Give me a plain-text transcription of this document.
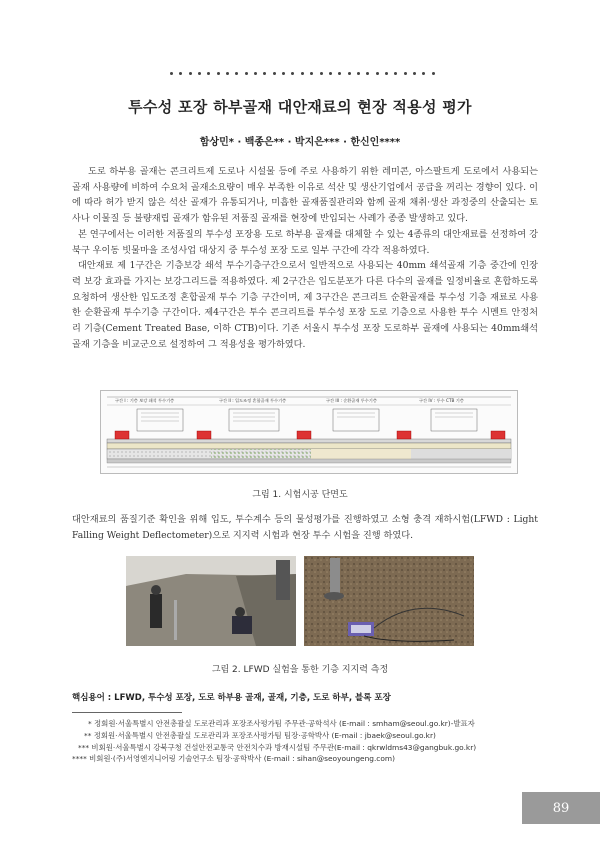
투수성 포장 하부골재 대안재료의 현장 적용성 평가
함상민* · 백종은** · 박지은*** · 한신인****

도로 하부용 골재는 콘크리트제 도로나 시설물 등에 주로 사용하기 위한 레미콘, 아스팔트게 도로에서 사용되는 골재 사용량에 비하여 수요처 골재소요량이 매우 부족한 이유로 석산 및 생산기업에서 공급을 꺼리는 경향이 있다. 이에 따라 허가 받지 않은 석산 골재가 유통되거나, 미흡한 골재품질관리와 함께 골재 채취·생산 과정중의 산출되는 토사나 이물질 등 불량재립 골재가 함유된 저품질 골재를 현장에 반입되는 사례가 종종 발생하고 있다.

본 연구에서는 이러한 저품질의 투수성 포장용 도로 하부용 골재를 대체할 수 있는 4종류의 대안재료를 선정하여 강북구 우이동 빗물마을 조성사업 대상지 중 투수성 포장 도로 일부 구간에 각각 적용하였다.

대안재료 제 1구간은 기층보강 쇄석 투수기층구간으로서 일반적으로 사용되는 40mm 쇄석골재 기층 중간에 인장력 보강 효과를 가지는 보강그리드를 적용하였다. 제 2구간은 입도분포가 다른 다수의 골재를 일정비율로 혼합하도록 요청하여 생산한 입도조정 혼합골재 투수 기층 구간이며, 제 3구간은 콘크리트 순환골재를 투수성 기층 재료로 사용한 순환골재 투수기층 구간이다. 제4구간은 투수 콘크리트를 투수성 포장 도로 기층으로 사용한 투수 시멘트 안정처리 기층(Cement Treated Base, 이하 CTB)이다. 기존 서울시 투수성 포장 도로하부 골재에 사용되는 40mm쇄석 골재 기층을 비교군으로 설정하여 그 적용성을 평가하였다.

구간 I : 기층 보강 쇄석 투수기층	구간 II : 입도조정 혼합골재 투수기층	구간 III : 순환골재 투수기층	구간 IV : 투수 CTB 기층
그림 1. 시험시공 단면도

대안재료의 품질기준 확인을 위해 입도, 투수계수 등의 물성평가를 진행하였고 소형 충격 재하시험(LFWD : Light Falling Weight Deflectometer)으로 지지력 시험과 현장 투수 시험을 진행 하였다.

그림 2. LFWD 실험을 통한 기층 지지력 측정
핵심용어 : LFWD, 투수성 포장, 도로 하부용 골재, 골재, 기층, 도로 하부, 블록 포장
* 정회원·서울특별시 안전총괄실 도로관리과 포장조사평가팀 주무관·공학석사 (E-mail : smham@seoul.go.kr)-발표자
** 정회원·서울특별시 안전총괄실 도로관리과 포장조사평가팀 팀장·공학박사 (E-mail : jbaek@seoul.go.kr)
*** 비회원·서울특별시 강북구청 건설안전교통국 안전치수과 방재시설팀 주무관(E-mail : qkrwldms43@gangbuk.go.kr)
**** 비회원·(주)서영엔지니어링 기술연구소 팀장·공학박사 (E-mail : sihan@seoyoungeng.com)
89
